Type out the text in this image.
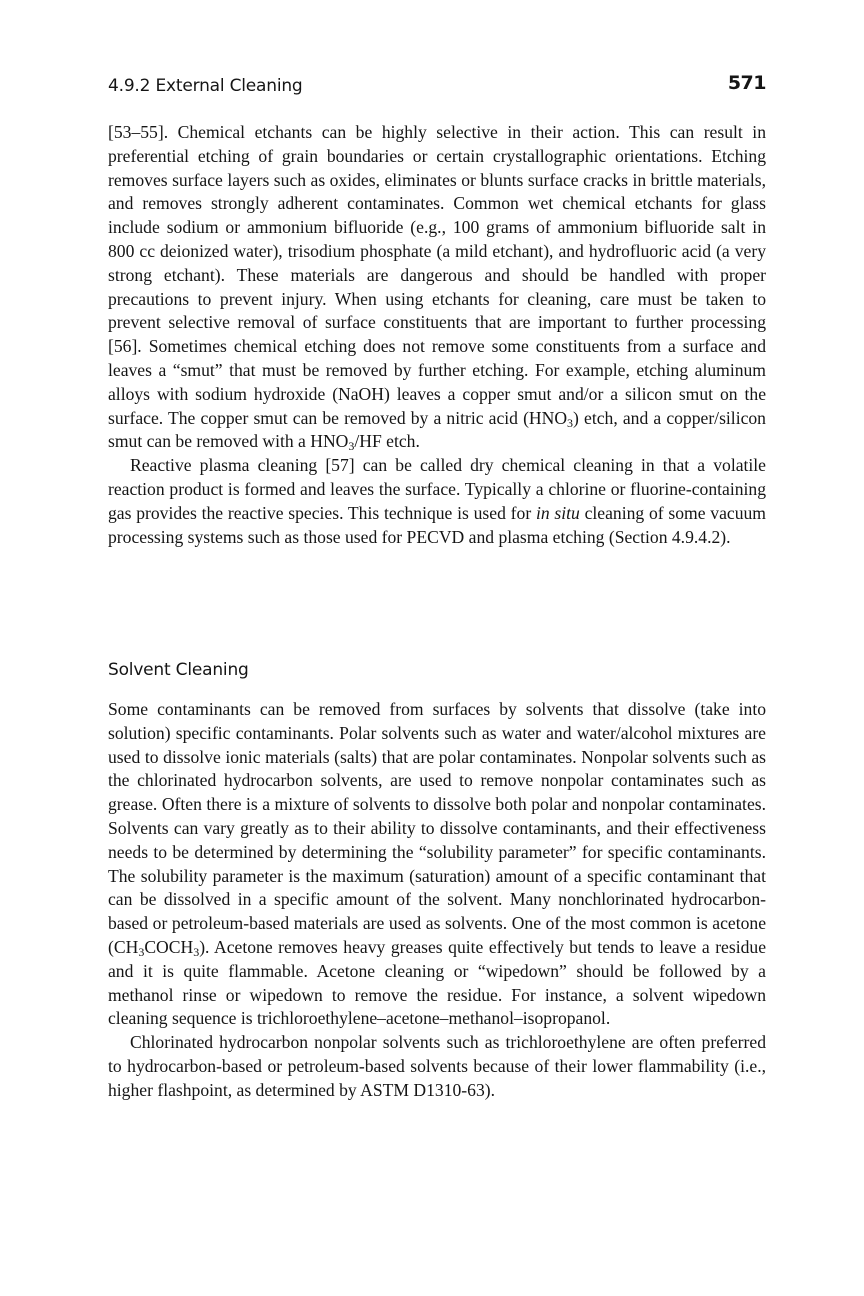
4.9.2 External Cleaning	571

[53–55]. Chemical etchants can be highly selective in their action. This can result in preferential etching of grain boundaries or certain crystallographic orientations. Etching removes surface layers such as oxides, eliminates or blunts surface cracks in brittle materials, and removes strongly adherent contaminates. Common wet chemical etchants for glass include sodium or ammonium bifluoride (e.g., 100 grams of ammonium bifluoride salt in 800 cc deionized water), trisodium phosphate (a mild etchant), and hydrofluoric acid (a very strong etchant). These materials are dangerous and should be handled with proper precautions to prevent injury. When using etchants for cleaning, care must be taken to prevent selective removal of surface constituents that are important to further processing [56]. Sometimes chemical etching does not remove some constituents from a surface and leaves a “smut” that must be removed by further etching. For example, etching aluminum alloys with sodium hydroxide (NaOH) leaves a copper smut and/or a silicon smut on the surface. The copper smut can be removed by a nitric acid $(HNO_3)$ etch, and a copper/silicon smut can be removed with a $HNO_3/HF$ etch.

Reactive plasma cleaning [57] can be called dry chemical cleaning in that a volatile reaction product is formed and leaves the surface. Typically a chlorine or fluorine-containing gas provides the reactive species. This technique is used for in situ cleaning of some vacuum processing systems such as those used for PECVD and plasma etching (Section 4.9.4.2).

Solvent Cleaning

Some contaminants can be removed from surfaces by solvents that dissolve (take into solution) specific contaminants. Polar solvents such as water and water/alcohol mixtures are used to dissolve ionic materials (salts) that are polar contaminates. Nonpolar solvents such as the chlorinated hydrocarbon solvents, are used to remove nonpolar contaminates such as grease. Often there is a mixture of solvents to dissolve both polar and nonpolar contaminates. Solvents can vary greatly as to their ability to dissolve contaminants, and their effectiveness needs to be determined by determining the “solubility parameter” for specific contaminants. The solubility parameter is the maximum (saturation) amount of a specific contaminant that can be dissolved in a specific amount of the solvent. Many nonchlorinated hydrocarbon-based or petroleum-based materials are used as solvents. One of the most common is acetone $(CH_3COCH_3)$. Acetone removes heavy greases quite effectively but tends to leave a residue and it is quite flammable. Acetone cleaning or “wipedown” should be followed by a methanol rinse or wipedown to remove the residue. For instance, a solvent wipedown cleaning sequence is trichloroethylene–acetone–methanol–isopropanol.

Chlorinated hydrocarbon nonpolar solvents such as trichloroethylene are often preferred to hydrocarbon-based or petroleum-based solvents because of their lower flammability (i.e., higher flashpoint, as determined by ASTM D1310-63).
